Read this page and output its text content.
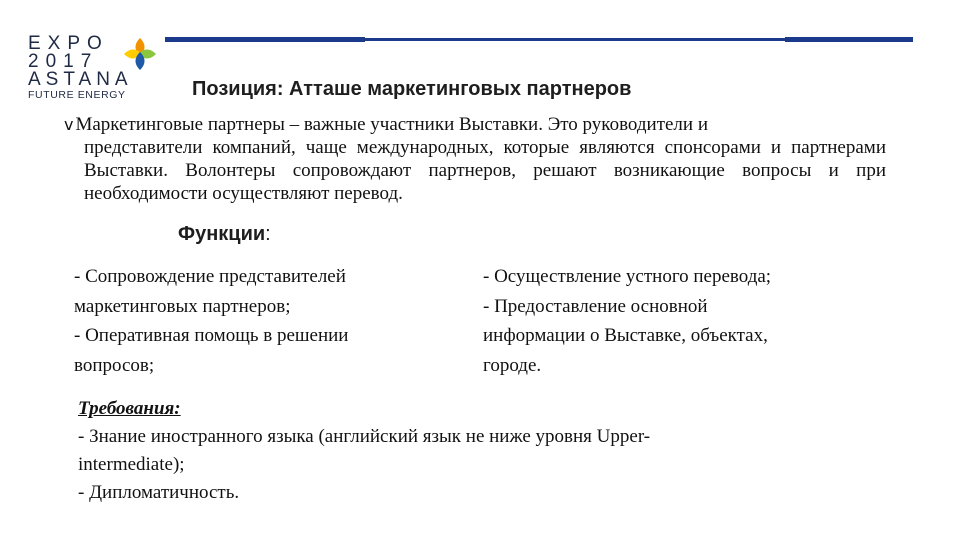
EXPO
2017
ASTANA
FUTURE ENERGY	Позиция: Атташе маркетинговых партнеров

v Маркетинговые партнеры – важные участники Выставки. Это руководители и
представители компаний, чаще международных, которые являются спонсорами и партнерами Выставки. Волонтеры сопровождают партнеров, решают возникающие вопросы и при необходимости осуществляют перевод.

Функции:
- Сопровождение представителей
маркетинговых партнеров;
- Оперативная помощь в решении
вопросов;
- Осуществление устного перевода;
- Предоставление основной
информации о Выставке, объектах,
городе.
Требования:
- Знание иностранного языка (английский язык не ниже уровня Upper-
intermediate);
- Дипломатичность.
